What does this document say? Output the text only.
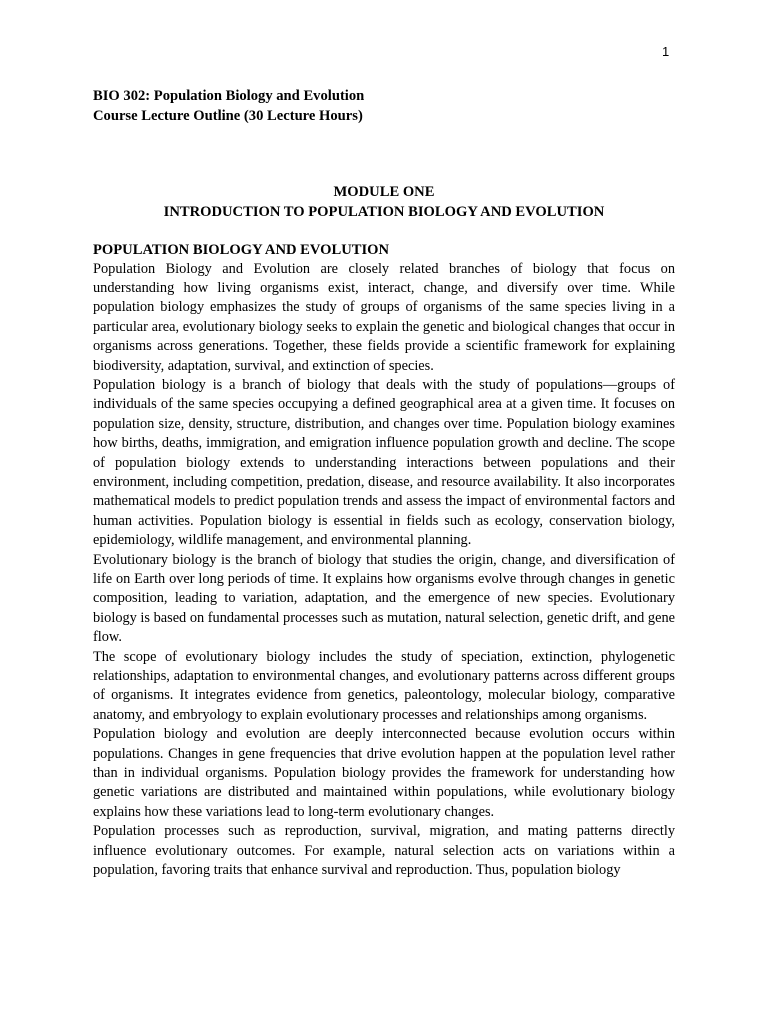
1
BIO 302: Population Biology and Evolution
Course Lecture Outline (30 Lecture Hours)
MODULE ONE
INTRODUCTION TO POPULATION BIOLOGY AND EVOLUTION
POPULATION BIOLOGY AND EVOLUTION

Population Biology and Evolution are closely related branches of biology that focus on understanding how living organisms exist, interact, change, and diversify over time. While population biology emphasizes the study of groups of organisms of the same species living in a particular area, evolutionary biology seeks to explain the genetic and biological changes that occur in organisms across generations. Together, these fields provide a scientific framework for explaining biodiversity, adaptation, survival, and extinction of species.

Population biology is a branch of biology that deals with the study of populations—groups of individuals of the same species occupying a defined geographical area at a given time. It focuses on population size, density, structure, distribution, and changes over time. Population biology examines how births, deaths, immigration, and emigration influence population growth and decline. The scope of population biology extends to understanding interactions between populations and their environment, including competition, predation, disease, and resource availability. It also incorporates mathematical models to predict population trends and assess the impact of environmental factors and human activities. Population biology is essential in fields such as ecology, conservation biology, epidemiology, wildlife management, and environmental planning.

Evolutionary biology is the branch of biology that studies the origin, change, and diversification of life on Earth over long periods of time. It explains how organisms evolve through changes in genetic composition, leading to variation, adaptation, and the emergence of new species. Evolutionary biology is based on fundamental processes such as mutation, natural selection, genetic drift, and gene flow.

The scope of evolutionary biology includes the study of speciation, extinction, phylogenetic relationships, adaptation to environmental changes, and evolutionary patterns across different groups of organisms. It integrates evidence from genetics, paleontology, molecular biology, comparative anatomy, and embryology to explain evolutionary processes and relationships among organisms.

Population biology and evolution are deeply interconnected because evolution occurs within populations. Changes in gene frequencies that drive evolution happen at the population level rather than in individual organisms. Population biology provides the framework for understanding how genetic variations are distributed and maintained within populations, while evolutionary biology explains how these variations lead to long-term evolutionary changes.

Population processes such as reproduction, survival, migration, and mating patterns directly influence evolutionary outcomes. For example, natural selection acts on variations within a population, favoring traits that enhance survival and reproduction. Thus, population biology
